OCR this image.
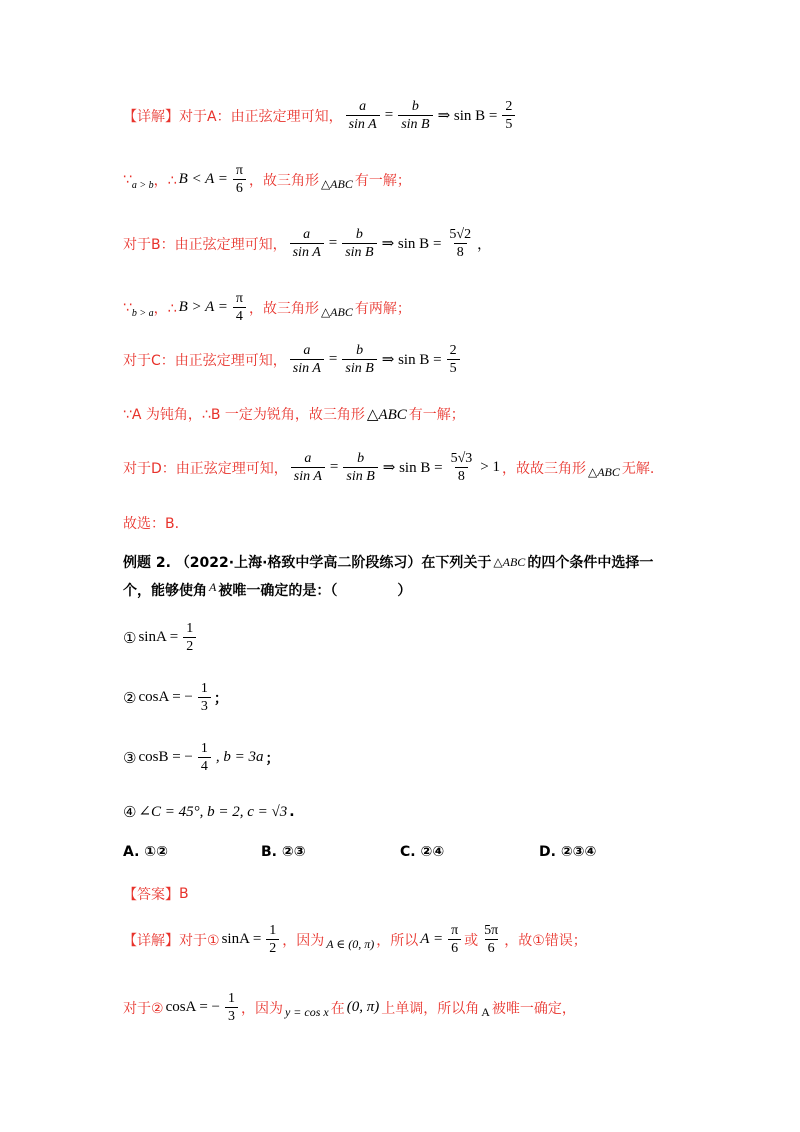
【详解】 对于A：由正弦定理可知， $\frac{a}{\text{sin A}} = \frac{b}{\text{sin B}}$ ⇒ $\sin B = \frac{2}{5}$
∵ a > b ，∴ $B < A = \frac{\pi}{6}$ ，故三角形 △ABC 有一解；
对于B：由正弦定理可知， $\frac{a}{\text{sin A}} = \frac{b}{\text{sin B}}$ ⇒ $\sin B = \frac{5√2}{8}$ ，
∵ b > a ，∴ $B > A = \frac{\pi}{4}$ ，故三角形 △ABC 有两解；
对于C：由正弦定理可知， $\frac{a}{\text{sin A}} = \frac{b}{\text{sin B}}$ ⇒ $\sin B = \frac{2}{5}$
∵A 为钝角，∴B 一定为锐角，故三角形 △ABC 有一解；
对于D：由正弦定理可知， $\frac{a}{\text{sin A}} = \frac{b}{\text{sin B}}$ ⇒ $\sin B = \frac{5√3}{8} > 1$ ，故故三角形 △ABC 无解.
故选：B.
例题 2. （2022·上海·格致中学高二阶段练习）在下列关于 △ABC 的四个条件中选择一
个，能够使角 A 被唯一确定的是：（	）
① $\sin A = \frac{1}{2}$
② cosA = − $\frac{1}{3}$ ；
③ cosB = − $\frac{1}{4}$ , b = 3a ；
④ ∠C = 45°, b = 2, c = √3 .
A. ①②	B. ②③	C. ②④	D. ②③④
【答案】 B
【详解】 对于① $\sin A = \frac{1}{2}$ ，因为 A ∈ (0, π) ，所以 $A = \frac{\pi}{6}$ 或 $\frac{5\pi}{6}$ ，故①错误；
对于② cosA = − $\frac{1}{3}$ ，因为 y = cos x 在 (0, π) 上单调，所以角 A 被唯一确定，
